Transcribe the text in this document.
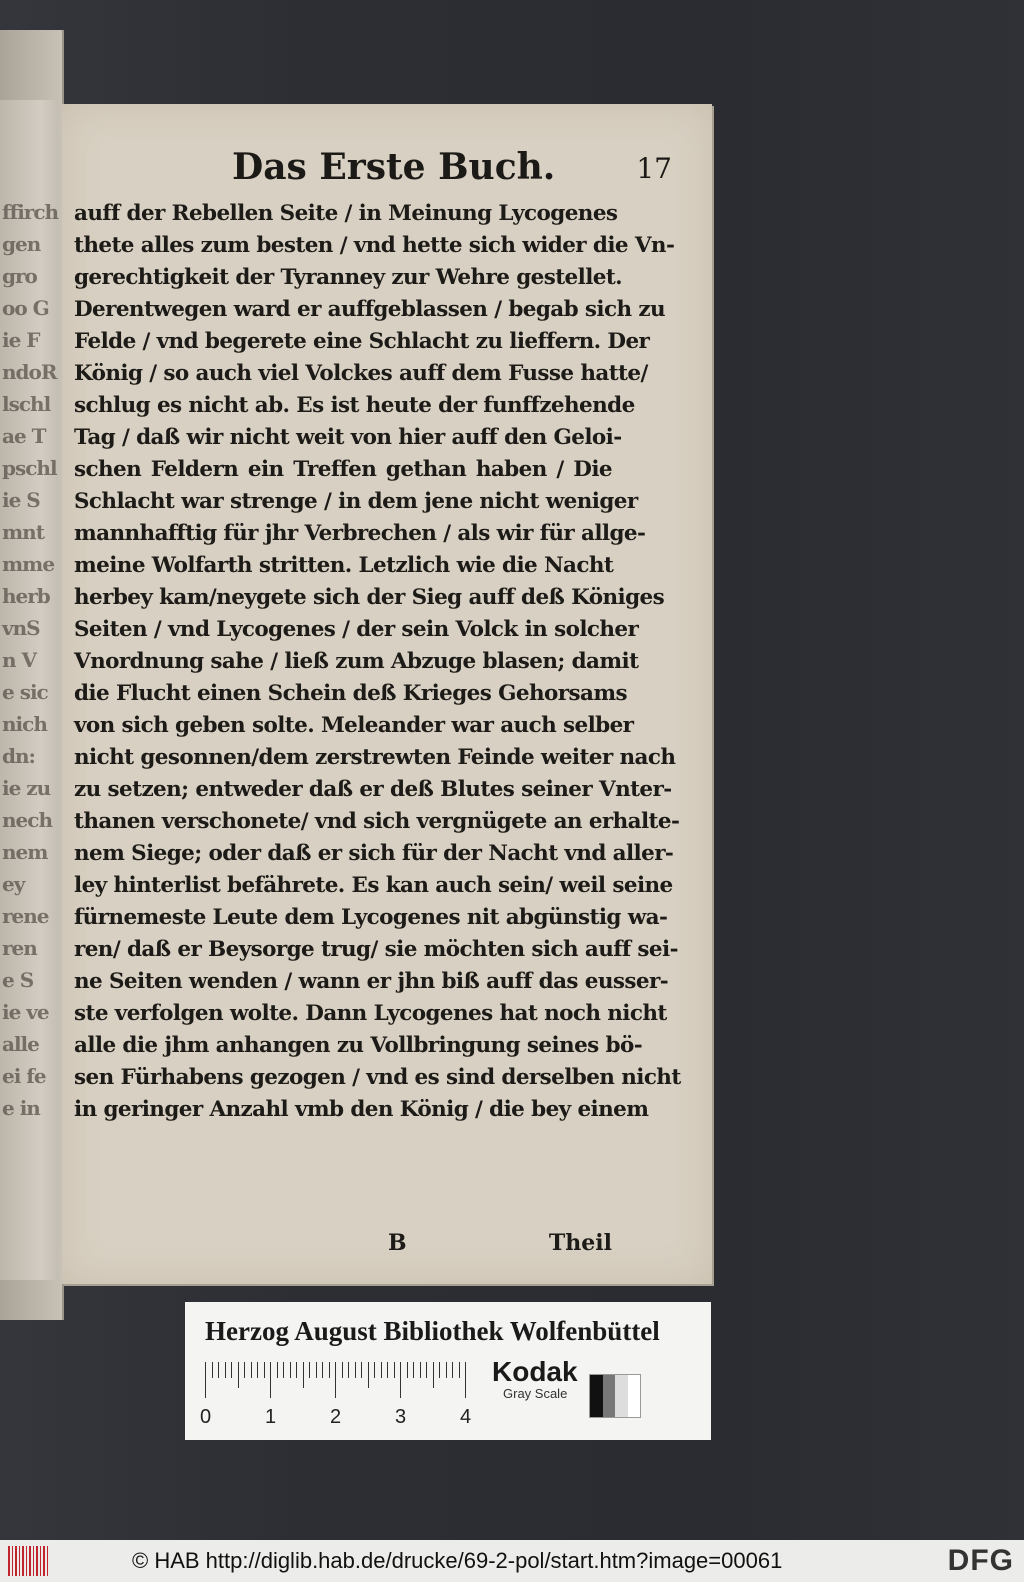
ffirch
gen
gro
oo G
ie F
ndoR
lschl
ae T
pschl
ie S
mnt
mme
herb
vnS
n V
e sic
nich
dn:
ie zu
nech
nem
ey
rene
ren
e S
ie ve
alle
ei fe
e in
Das Erste Buch.	17
auff der Rebellen Seite / in Meinung Lycogenes
thete alles zum besten / vnd hette sich wider die Vn-
gerechtigkeit der Tyranney zur Wehre gestellet.
Derentwegen ward er auffgeblassen / begab sich zu
Felde / vnd begerete eine Schlacht zu lieffern. Der
König / so auch viel Volckes auff dem Fusse hatte/
schlug es nicht ab. Es ist heute der funffzehende
Tag / daß wir nicht weit von hier auff den Geloi-
schen Feldern ein Treffen gethan haben / Die
Schlacht war strenge / in dem jene nicht weniger
mannhafftig für jhr Verbrechen / als wir für allge-
meine Wolfarth stritten. Letzlich wie die Nacht
herbey kam/neygete sich der Sieg auff deß Königes
Seiten / vnd Lycogenes / der sein Volck in solcher
Vnordnung sahe / ließ zum Abzuge blasen; damit
die Flucht einen Schein deß Krieges Gehorsams
von sich geben solte. Meleander war auch selber
nicht gesonnen/dem zerstrewten Feinde weiter nach
zu setzen; entweder daß er deß Blutes seiner Vnter-
thanen verschonete/ vnd sich vergnügete an erhalte-
nem Siege; oder daß er sich für der Nacht vnd aller-
ley hinterlist befährete. Es kan auch sein/ weil seine
fürnemeste Leute dem Lycogenes nit abgünstig wa-
ren/ daß er Beysorge trug/ sie möchten sich auff sei-
ne Seiten wenden / wann er jhn biß auff das eusser-
ste verfolgen wolte. Dann Lycogenes hat noch nicht
alle die jhm anhangen zu Vollbringung seines bö-
sen Fürhabens gezogen / vnd es sind derselben nicht
in geringer Anzahl vmb den König / die bey einem
B	Theil
Herzog August Bibliothek Wolfenbüttel
0	1	2	3	4
Kodak
Gray Scale
© HAB http://diglib.hab.de/drucke/69-2-pol/start.htm?image=00061	DFG
